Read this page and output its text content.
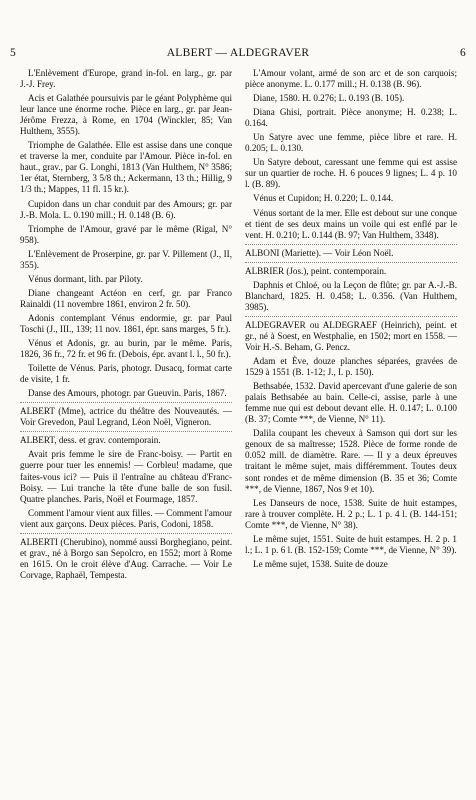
5	ALBERT — ALDEGRAVER	6
L'Enlèvement d'Europe, grand in-fol. en larg., gr. par J.-J. Frey.
Acis et Galathée poursuivis par le géant Polyphème qui leur lance une énorme roche. Pièce en larg., gr. par Jean-Jérôme Frezza, à Rome, en 1704 (Winckler, 85; Van Hulthem, 3555).
Triomphe de Galathée. Elle est assise dans une conque et traverse la mer, conduite par l'Amour. Pièce in-fol. en haut., grav., par G. Longhi, 1813 (Van Hulthem, N° 3586; 1er état, Sternberg, 3 5/8 th.; Ackermann, 13 th.; Hillig, 9 1/3 th.; Mappes, 11 fl. 15 kr.).
Cupidon dans un char conduit par des Amours; gr. par J.-B. Mola. L. 0.190 mill.; H. 0.148 (B. 6).
Triomphe de l'Amour, gravé par le même (Rigal, N° 958).
L'Enlèvement de Proserpine, gr. par V. Pillement (J., II, 355).
Vénus dormant, lith. par Piloty.
Diane changeant Actéon en cerf, gr. par Franco Rainaldi (11 novembre 1861, environ 2 fr. 50).
Adonis contemplant Vénus endormie, gr. par Paul Toschi (J., III., 139; 11 nov. 1861, épr. sans marges, 5 fr.).
Vénus et Adonis, gr. au burin, par le même. Paris, 1826, 36 fr., 72 fr. et 96 fr. (Debois, épr. avant l. l., 50 fr.).
Toilette de Vénus. Paris, photogr. Dusacq, format carte de visite, 1 fr.
Danse des Amours, photogr. par Gueuvin. Paris, 1867.
ALBERT (Mme), actrice du théâtre des Nouveautés. — Voir Grevedon, Paul Legrand, Léon Noël, Vigneron.
ALBERT, dess. et grav. contemporain.
Avait pris femme le sire de Franc-boisy. — Partit en guerre pour tuer les ennemis! — Corbleu! madame, que faites-vous ici? — Puis il l'entraîne au château d'Franc-Boisy. — Lui tranche la tête d'une balle de son fusil. Quatre planches. Paris, Noël et Fourmage, 1857.
Comment l'amour vient aux filles. — Comment l'amour vient aux garçons. Deux pièces. Paris, Codoni, 1858.
ALBERTI (Cherubino), nommé aussi Borghegiano, peint. et grav., né à Borgo san Sepolcro, en 1552; mort à Rome en 1615. On le croit élève d'Aug. Carrache. — Voir Le Corvage, Raphaël, Tempesta.
L'Amour volant, armé de son arc et de son carquois; pièce anonyme. L. 0.177 mill.; H. 0.138 (B. 96).
Diane, 1580. H. 0.276; L. 0.193 (B. 105).
Diana Ghisi, portrait. Pièce anonyme; H. 0.238; L. 0.164.
Un Satyre avec une femme, pièce libre et rare. H. 0.205; L. 0.130.
Un Satyre debout, caressant une femme qui est assise sur un quartier de roche. H. 6 pouces 9 lignes; L. 4 p. 10 l. (B. 89).
Vénus et Cupidon; H. 0.220; L. 0.144.
Vénus sortant de la mer. Elle est debout sur une conque et tient de ses deux mains un voile qui est enflé par le vent. H. 0.210; L. 0.144 (B. 97; Van Hulthem, 3348).
ALBONI (Mariette). — Voir Léon Noël.
ALBRIER (Jos.), peint. contemporain.
Daphnis et Chloé, ou la Leçon de flûte; gr. par A.-J.-B. Blanchard, 1825. H. 0.458; L. 0.356. (Van Hulthem, 3985).
ALDEGRAVER ou ALDEGRAEF (Heinrich), peint. et gr., né à Soest, en Westphalie, en 1502; mort en 1558. — Voir H.-S. Beham, G. Pencz.
Adam et Ève, douze planches séparées, gravées de 1529 à 1551 (B. 1-12; J., I. p. 150).
Bethsabée, 1532. David apercevant d'une galerie de son palais Bethsabée au bain. Celle-ci, assise, parle à une femme nue qui est debout devant elle. H. 0.147; L. 0.100 (B. 37; Comte ***, de Vienne, N° 11).
Dalila coupant les cheveux à Samson qui dort sur les genoux de sa maîtresse; 1528. Pièce de forme ronde de 0.052 mill. de diamètre. Rare. — Il y a deux épreuves traitant le même sujet, mais différemment. Toutes deux sont rondes et de même dimension (B. 35 et 36; Comte ***, de Vienne, 1867, Nos 9 et 10).
Les Danseurs de noce, 1538. Suite de huit estampes, rare à trouver complète. H. 2 p.; L. 1 p. 4 l. (B. 144-151; Comte ***, de Vienne, N° 38).
Le même sujet, 1551. Suite de huit estampes. H. 2 p. 1 l.; L. 1 p. 6 l. (B. 152-159; Comte ***, de Vienne, N° 39).
Le même sujet, 1538. Suite de douze
